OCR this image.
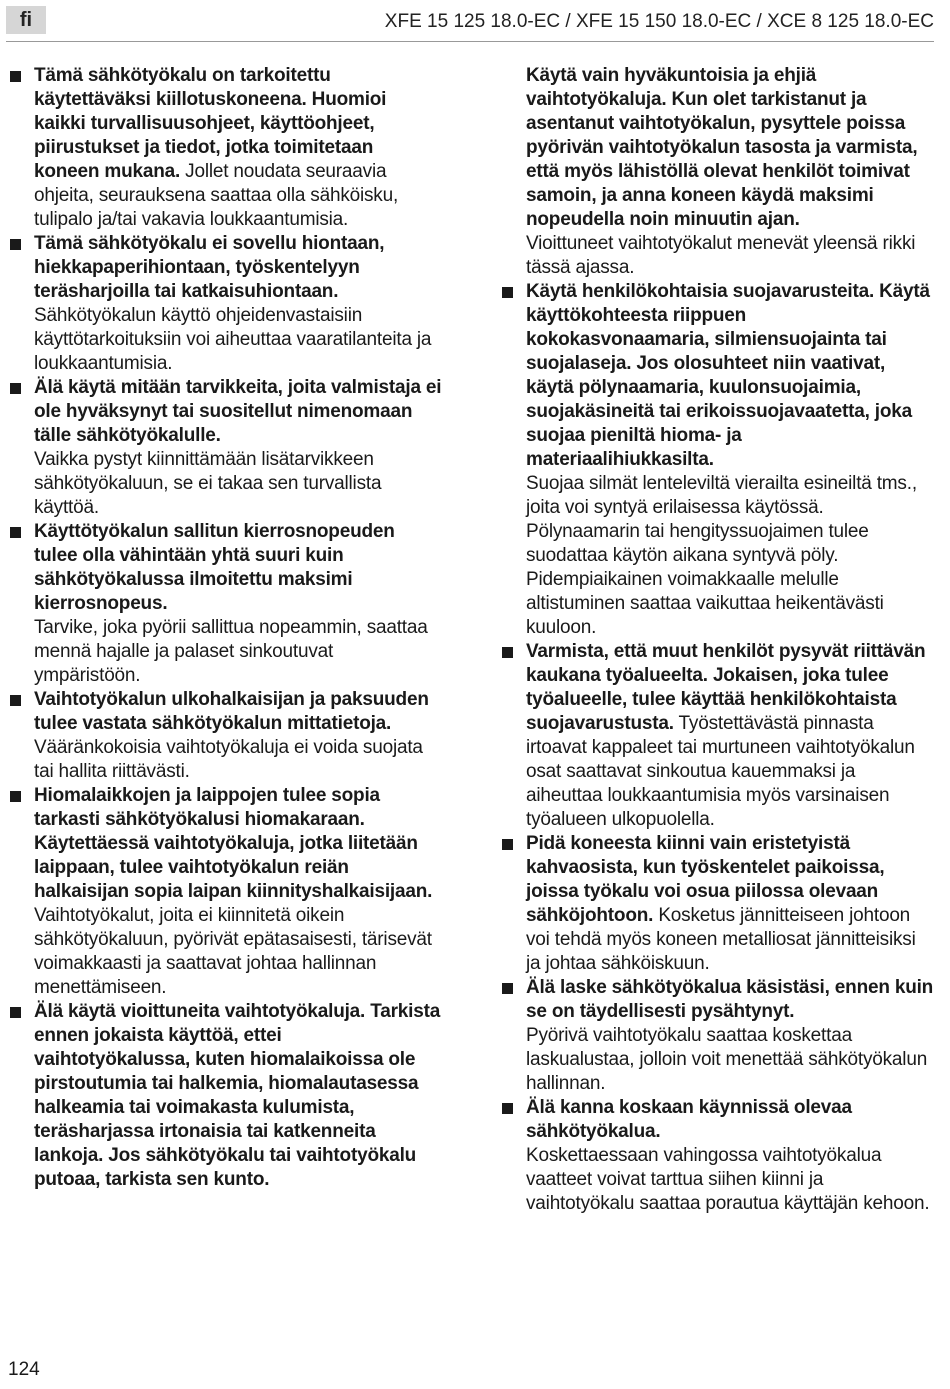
fi	XFE 15 125 18.0-EC / XFE 15 150 18.0-EC / XCE 8 125 18.0-EC
Tämä sähkötyökalu on tarkoitettu käytettäväksi kiillotuskoneena. Huomioi kaikki turvallisuusohjeet, käyttöohjeet, piirustukset ja tiedot, jotka toimitetaan koneen mukana. Jollet noudata seuraavia ohjeita, seurauksena saattaa olla sähköisku, tulipalo ja/tai vakavia loukkaantumisia.
Tämä sähkötyökalu ei sovellu hiontaan, hiekkapaperihiontaan, työskentelyyn teräsharjoilla tai katkaisuhiontaan.
Sähkötyökalun käyttö ohjeidenvastaisiin käyttötarkoituksiin voi aiheuttaa vaaratilanteita ja loukkaantumisia.
Älä käytä mitään tarvikkeita, joita valmistaja ei ole hyväksynyt tai suositellut nimenomaan tälle sähkötyökalulle.
Vaikka pystyt kiinnittämään lisätarvikkeen sähkötyökaluun, se ei takaa sen turvallista käyttöä.
Käyttötyökalun sallitun kierrosnopeuden tulee olla vähintään yhtä suuri kuin sähkötyökalussa ilmoitettu maksimi kierrosnopeus.
Tarvike, joka pyörii sallittua nopeammin, saattaa mennä hajalle ja palaset sinkoutuvat ympäristöön.
Vaihtotyökalun ulkohalkaisijan ja paksuuden tulee vastata sähkötyökalun mittatietoja.
Vääränkokoisia vaihtotyökaluja ei voida suojata tai hallita riittävästi.
Hiomalaikkojen ja laippojen tulee sopia tarkasti sähkötyökalusi hiomakaraan. Käytettäessä vaihtotyökaluja, jotka liitetään laippaan, tulee vaihtotyökalun reiän halkaisijan sopia laipan kiinnityshalkaisijaan. Vaihtotyökalut, joita ei kiinnitetä oikein sähkötyökaluun, pyörivät epätasaisesti, tärisevät voimakkaasti ja saattavat johtaa hallinnan menettämiseen.
Älä käytä vioittuneita vaihtotyökaluja. Tarkista ennen jokaista käyttöä, ettei vaihtotyökalussa, kuten hiomalaikoissa ole pirstoutumia tai halkemia, hiomalautasessa halkeamia tai voimakasta kulumista, teräsharjassa irtonaisia tai katkenneita lankoja. Jos sähkötyökalu tai vaihtotyökalu putoaa, tarkista sen kunto.
Käytä vain hyväkuntoisia ja ehjiä vaihtotyökaluja. Kun olet tarkistanut ja asentanut vaihtotyökalun, pysyttele poissa pyörivän vaihtotyökalun tasosta ja varmista, että myös lähistöllä olevat henkilöt toimivat samoin, ja anna koneen käydä maksimi nopeudella noin minuutin ajan.
Vioittuneet vaihtotyökalut menevät yleensä rikki tässä ajassa.
Käytä henkilökohtaisia suojavarusteita. Käytä käyttökohteesta riippuen kokokasvonaamaria, silmiensuojainta tai suojalaseja. Jos olosuhteet niin vaativat, käytä pölynaamaria, kuulonsuojaimia, suojakäsineitä tai erikoissuojavaatetta, joka suojaa pieniltä hioma- ja materiaalihiukkasilta.
Suojaa silmät lenteleviltä vierailta esineiltä tms., joita voi syntyä erilaisessa käytössä. Pölynaamarin tai hengityssuojaimen tulee suodattaa käytön aikana syntyvä pöly. Pidempiaikainen voimakkaalle melulle altistuminen saattaa vaikuttaa heikentävästi kuuloon.
Varmista, että muut henkilöt pysyvät riittävän kaukana työalueelta. Jokaisen, joka tulee työalueelle, tulee käyttää henkilökohtaista suojavarustusta. Työstettävästä pinnasta irtoavat kappaleet tai murtuneen vaihtotyökalun osat saattavat sinkoutua kauemmaksi ja aiheuttaa loukkaantumisia myös varsinaisen työalueen ulkopuolella.
Pidä koneesta kiinni vain eristetyistä kahvaosista, kun työskentelet paikoissa, joissa työkalu voi osua piilossa olevaan sähköjohtoon. Kosketus jännitteiseen johtoon voi tehdä myös koneen metalliosat jännitteisiksi ja johtaa sähköiskuun.
Älä laske sähkötyökalua käsistäsi, ennen kuin se on täydellisesti pysähtynyt.
Pyörivä vaihtotyökalu saattaa koskettaa laskualustaa, jolloin voit menettää sähkötyökalun hallinnan.
Älä kanna koskaan käynnissä olevaa sähkötyökalua.
Koskettaessaan vahingossa vaihtotyökalua vaatteet voivat tarttua siihen kiinni ja vaihtotyökalu saattaa porautua käyttäjän kehoon.
124
